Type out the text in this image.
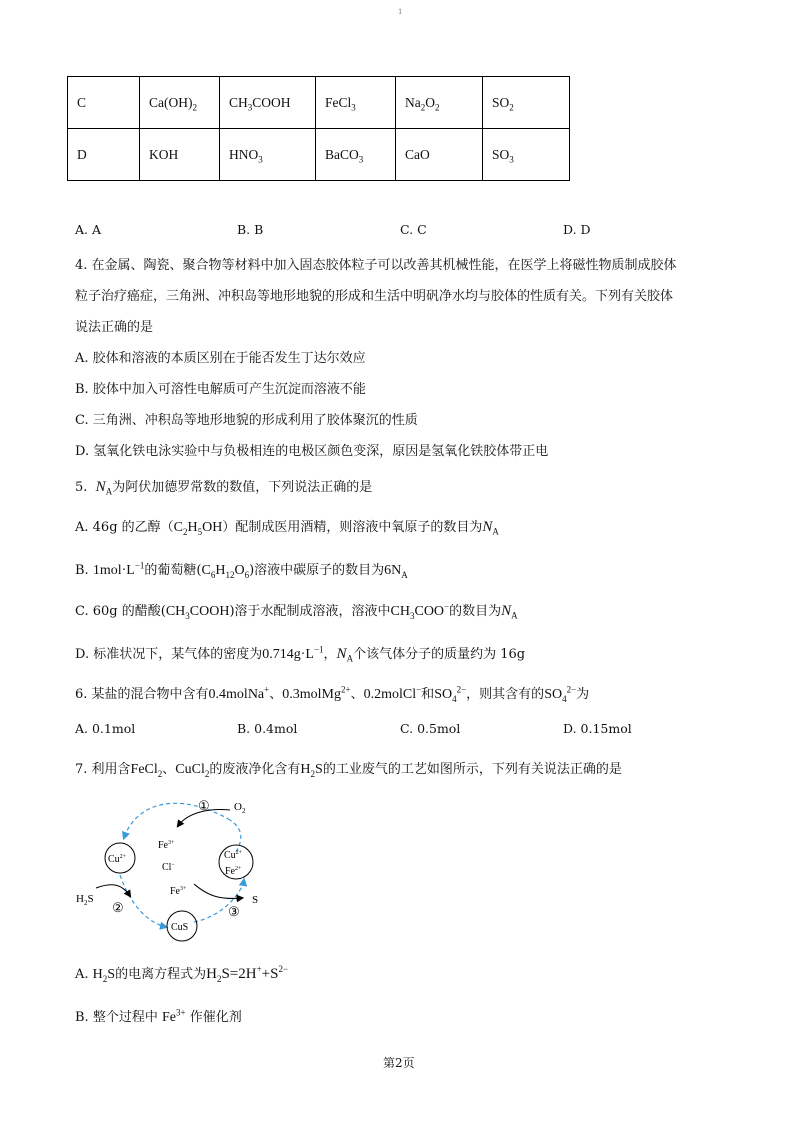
1
C	$Ca(OH)_2$	$CH_3COOH$	FeCl$_3$	$Na_2O_2$	$SO_2$
D	KOH	$HNO_3$	BaCO$_3$	CaO	$SO_3$
A. A	B. B	C. C	D. D
4. 在金属、陶瓷、聚合物等材料中加入固态胶体粒子可以改善其机械性能，在医学上将磁性物质制成胶体
粒子治疗癌症，三角洲、冲积岛等地形地貌的形成和生活中明矾净水均与胶体的性质有关。下列有关胶体
说法正确的是
A. 胶体和溶液的本质区别在于能否发生丁达尔效应
B. 胶体中加入可溶性电解质可产生沉淀而溶液不能
C. 三角洲、冲积岛等地形地貌的形成利用了胶体聚沉的性质
D. 氢氧化铁电泳实验中与负极相连的电极区颜色变深，原因是氢氧化铁胶体带正电
5. $N_A$为阿伏加德罗常数的数值，下列说法正确的是
A. 46g 的乙醇$(C_2H_5OH)$配制成医用酒精，则溶液中氧原子的数目为$N_A$
B. $1mol\cdot L^{-1}$的葡萄糖$(C_6H_{12}O_6)$溶液中碳原子的数目为$6N_A$
C. 60g 的醋酸$(CH_3COOH)$溶于水配制成溶液，溶液中$CH_3COO^-$的数目为$N_A$
D. 标准状况下，某气体的密度为$0.714g\cdot L^{-1}$，$N_A$个该气体分子的质量约为 16g
6. 某盐的混合物中含有0.4molNa+、0.3molMg$^{2+}$、0.2molCl−和$SO_4^{2-}$，则其含有的$SO_4^{2-}$为
A. 0.1mol	B. 0.4mol	C. 0.5mol	D. 0.15mol
7. 利用含FeCl$_2$、CuCl$_2$的废液净化含有$H_2S$的工业废气的工艺如图所示，下列有关说法正确的是
①
②	③
$O_2$
$H_2S$	S
$Cu^{2+}$	$Cu^{2+}$
$Fe^{2+}$
$Fe^{3+}$
Cl−
$Fe^{3+}$
CuS
A. $H_2S$的电离方程式为$H_2S=2H^++S^{2-}$
B. 整个过程中 $Fe^{3+}$ 作催化剂
第2页
